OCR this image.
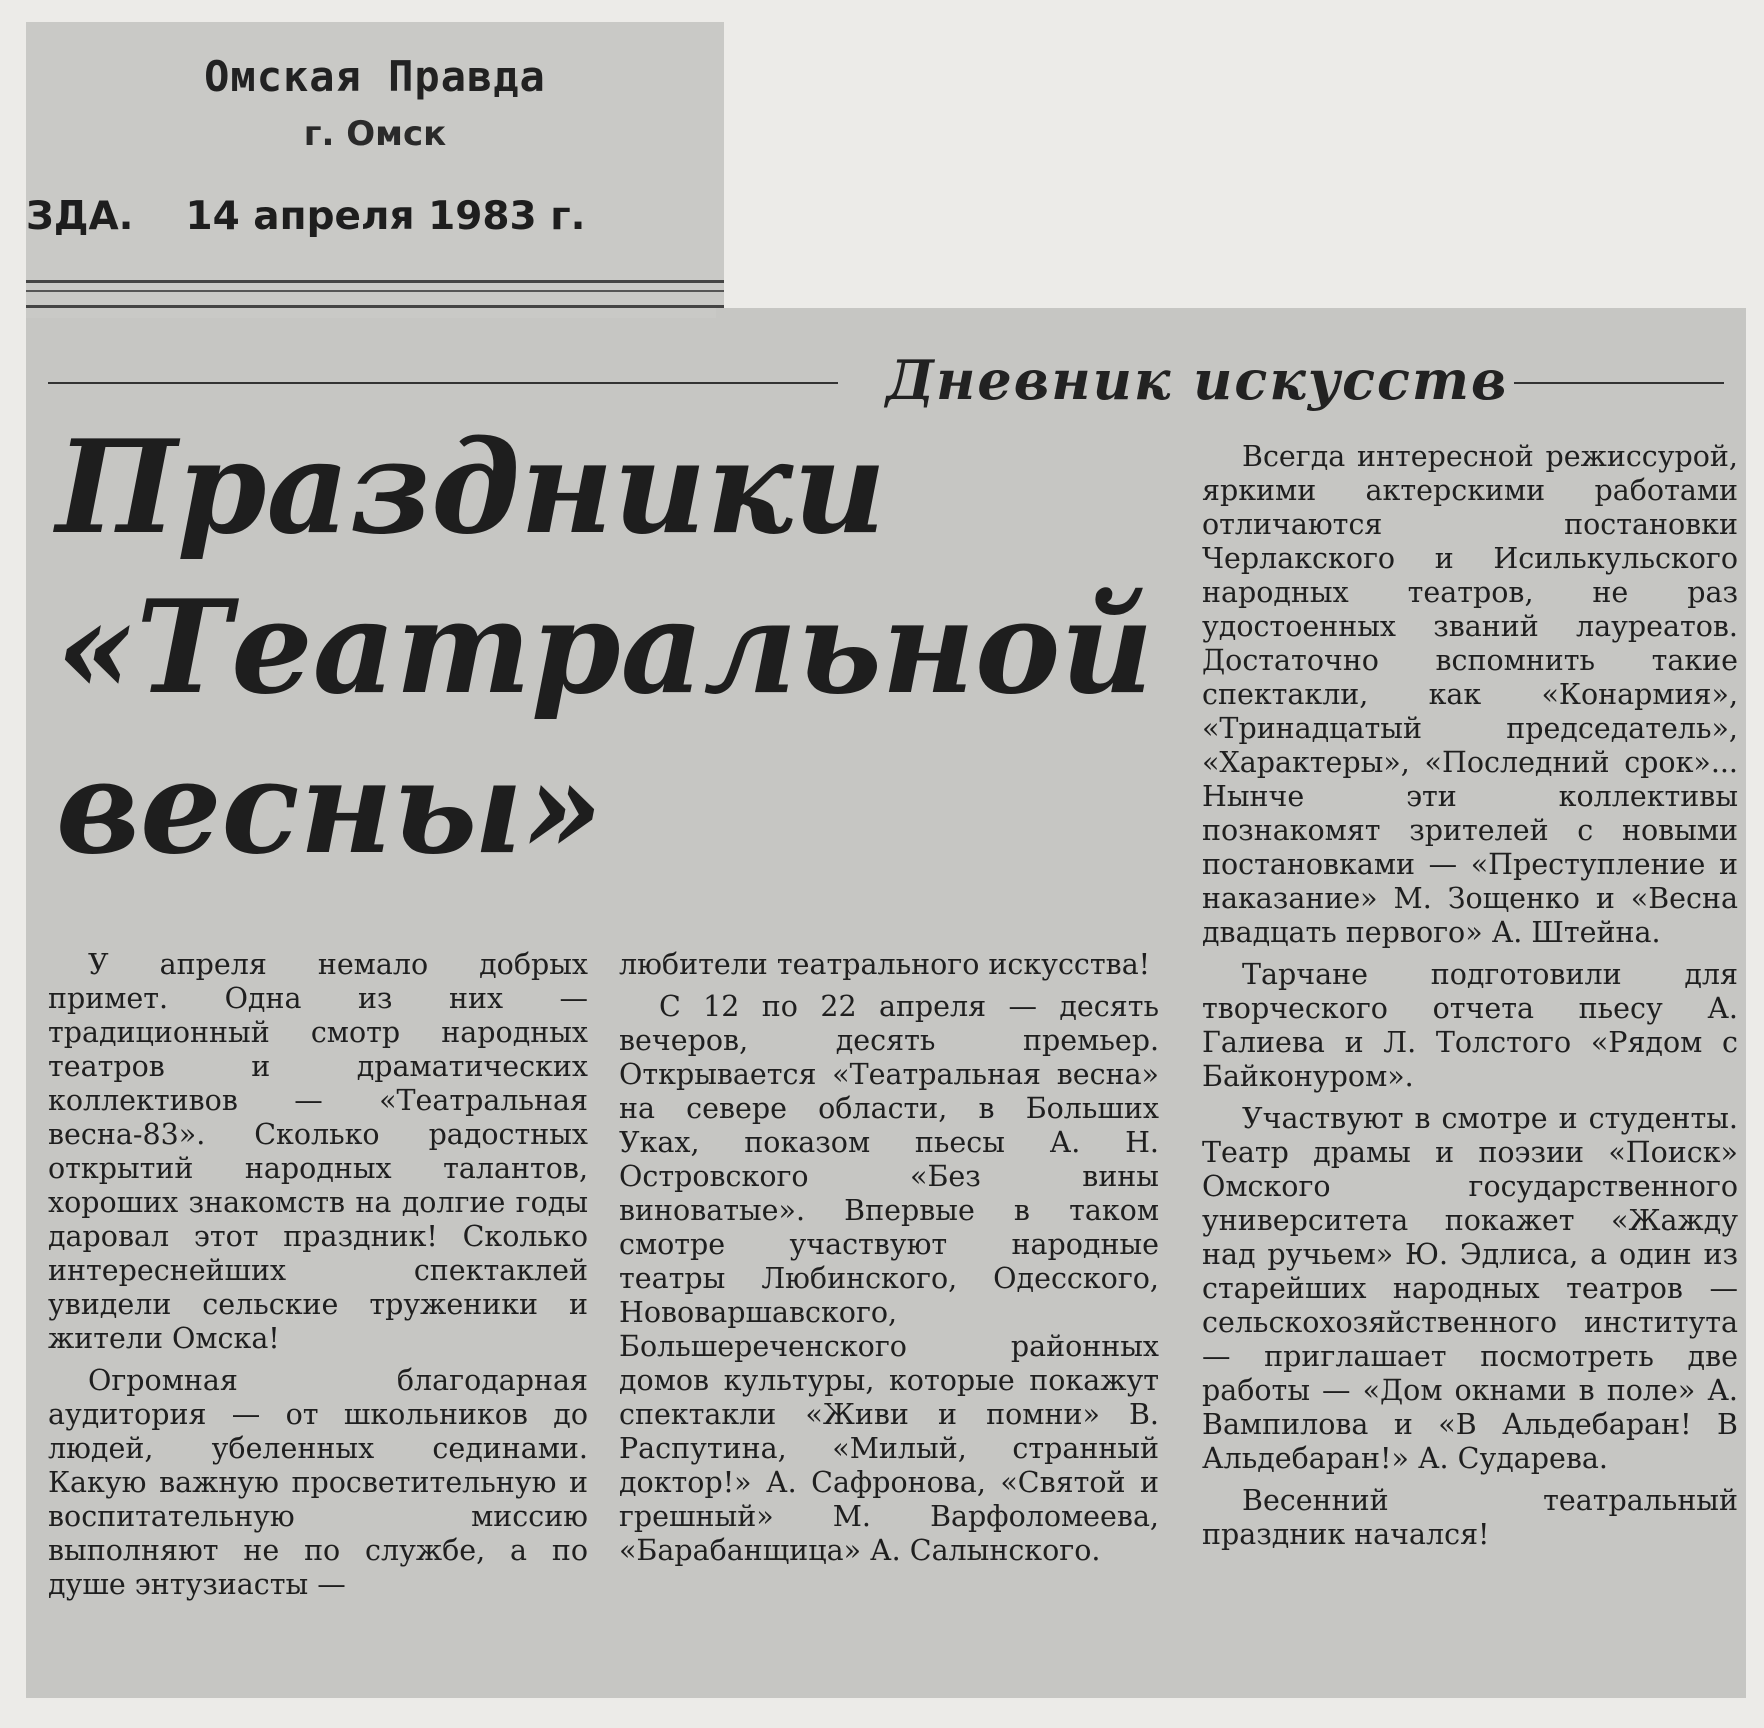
Омская Правда
г. Омск
ЗДА. 14 апреля 1983 г.
Дневник искусств
Праздники
«Театральной
весны»

У апреля немало добрых примет. Одна из них — традиционный смотр народных театров и драматических коллективов — «Театральная весна-83». Сколько радостных открытий народных талантов, хороших знакомств на долгие годы даровал этот праздник! Сколько интереснейших спектаклей увидели сельские труженики и жители Омска!

Огромная благодарная аудитория — от школьников до людей, убеленных сединами. Какую важную просветительную и воспитательную миссию выполняют не по службе, а по душе энтузиасты —

любители театрального искусства!

С 12 по 22 апреля — десять вечеров, десять премьер. Открывается «Театральная весна» на севере области, в Больших Уках, показом пьесы А. Н. Островского «Без вины виноватые». Впервые в таком смотре участвуют народные театры Любинского, Одесского, Нововаршавского, Большереченского районных домов культуры, которые покажут спектакли «Живи и помни» В. Распутина, «Милый, странный доктор!» А. Сафронова, «Святой и грешный» М. Варфоломеева, «Барабанщица» А. Салынского.

Всегда интересной режиссурой, яркими актерскими работами отличаются постановки Черлакского и Исилькульского народных театров, не раз удостоенных званий лауреатов. Достаточно вспомнить такие спектакли, как «Конармия», «Тринадцатый председатель», «Характеры», «Последний срок»... Нынче эти коллективы познакомят зрителей с новыми постановками — «Преступление и наказание» М. Зощенко и «Весна двадцать первого» А. Штейна.

Тарчане подготовили для творческого отчета пьесу А. Галиева и Л. Толстого «Рядом с Байконуром».

Участвуют в смотре и студенты. Театр драмы и поэзии «Поиск» Омского государственного университета покажет «Жажду над ручьем» Ю. Эдлиса, а один из старейших народных театров — сельскохозяйственного института — приглашает посмотреть две работы — «Дом окнами в поле» А. Вампилова и «В Альдебаран! В Альдебаран!» А. Сударева.

Весенний театральный праздник начался!
